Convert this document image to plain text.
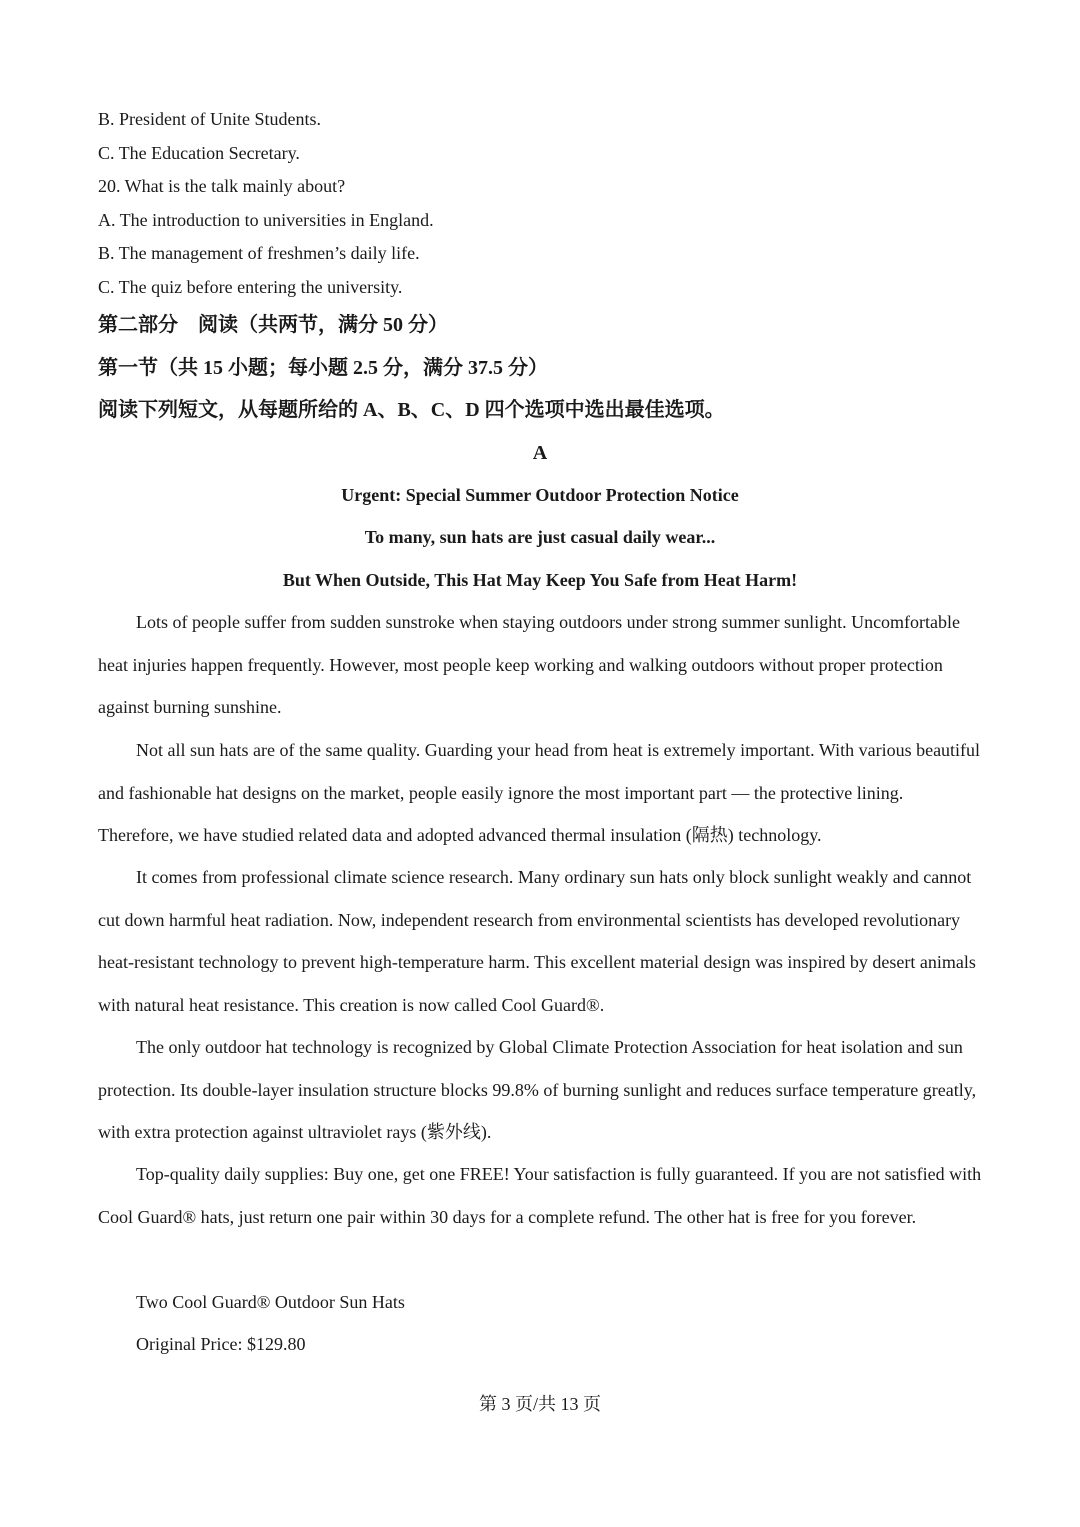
B. President of Unite Students.
C. The Education Secretary.
20. What is the talk mainly about?
A. The introduction to universities in England.
B. The management of freshmen’s daily life.
C. The quiz before entering the university.
第二部分　阅读（共两节，满分 50 分）
第一节（共 15 小题；每小题 2.5 分，满分 37.5 分）
阅读下列短文，从每题所给的 A、B、C、D 四个选项中选出最佳选项。
A
Urgent: Special Summer Outdoor Protection Notice
To many, sun hats are just casual daily wear...
But When Outside, This Hat May Keep You Safe from Heat Harm!
Lots of people suffer from sudden sunstroke when staying outdoors under strong summer sunlight. Uncomfortable heat injuries happen frequently. However, most people keep working and walking outdoors without proper protection against burning sunshine.
Not all sun hats are of the same quality. Guarding your head from heat is extremely important. With various beautiful and fashionable hat designs on the market, people easily ignore the most important part — the protective lining. Therefore, we have studied related data and adopted advanced thermal insulation (隔热) technology.
It comes from professional climate science research. Many ordinary sun hats only block sunlight weakly and cannot cut down harmful heat radiation. Now, independent research from environmental scientists has developed revolutionary heat-resistant technology to prevent high-temperature harm. This excellent material design was inspired by desert animals with natural heat resistance. This creation is now called Cool Guard®.
The only outdoor hat technology is recognized by Global Climate Protection Association for heat isolation and sun protection. Its double-layer insulation structure blocks 99.8% of burning sunlight and reduces surface temperature greatly, with extra protection against ultraviolet rays (紫外线).
Top-quality daily supplies: Buy one, get one FREE! Your satisfaction is fully guaranteed. If you are not satisfied with Cool Guard® hats, just return one pair within 30 days for a complete refund. The other hat is free for you forever.
Two Cool Guard® Outdoor Sun Hats
Original Price: $129.80
第 3 页/共 13 页
